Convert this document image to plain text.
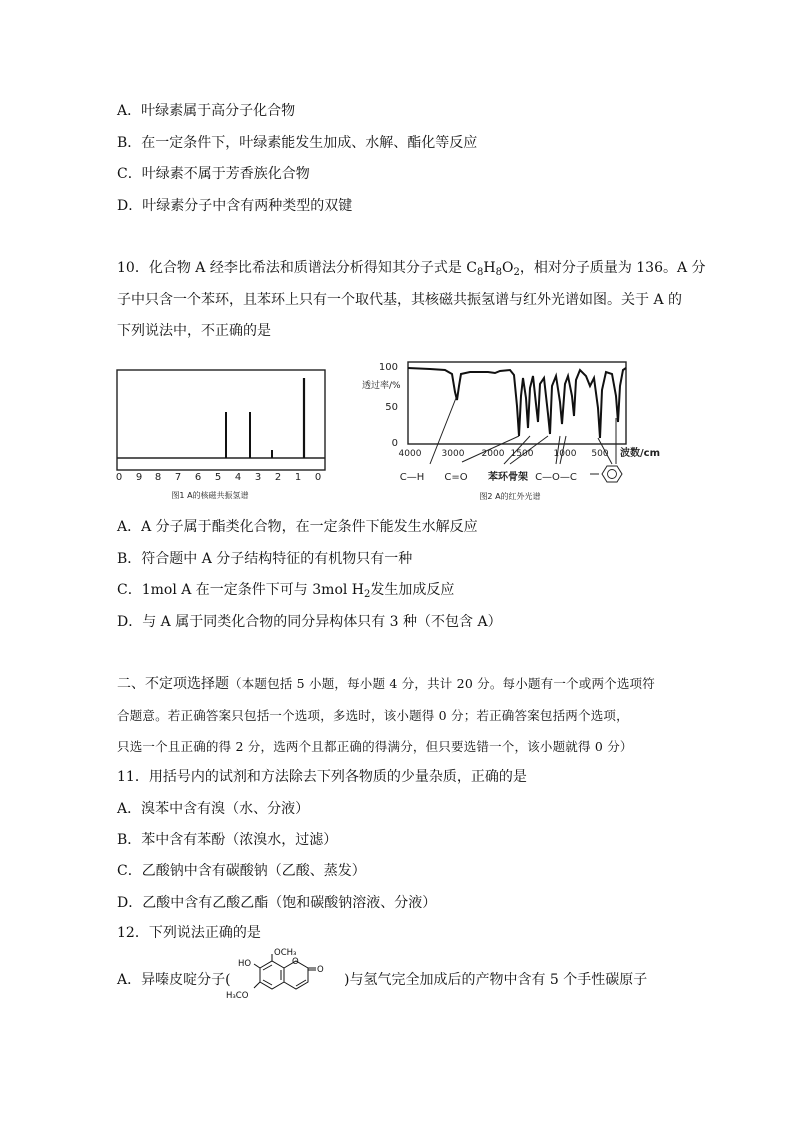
A．叶绿素属于高分子化合物
B．在一定条件下，叶绿素能发生加成、水解、酯化等反应
C．叶绿素不属于芳香族化合物
D．叶绿素分子中含有两种类型的双键
10．化合物 A 经李比希法和质谱法分析得知其分子式是 $C_8H_8O_2$，相对分子质量为 136。A 分
子中只含一个苯环，且苯环上只有一个取代基，其核磁共振氢谱与红外光谱如图。关于 A 的
下列说法中，不正确的是
0 9 8 7 6 5 4 3 2 1 0
图1 A的核磁共振氢谱
透过率/%
100
50
0
4000 3000 2000 1500 1000 500 波数/cm
C—H C=O 苯环骨架 C—O—C
图2 A的红外光谱
A．A 分子属于酯类化合物，在一定条件下能发生水解反应
B．符合题中 A 分子结构特征的有机物只有一种
C．1mol A 在一定条件下可与 3mol $H_2$发生加成反应
D．与 A 属于同类化合物的同分异构体只有 3 种（不包含 A）
二、不定项选择题（本题包括 5 小题，每小题 4 分，共计 20 分。每小题有一个或两个选项符
合题意。若正确答案只包括一个选项，多选时，该小题得 0 分；若正确答案包括两个选项，
只选一个且正确的得 2 分，选两个且都正确的得满分，但只要选错一个，该小题就得 0 分）
11．用括号内的试剂和方法除去下列各物质的少量杂质，正确的是
A．溴苯中含有溴（水、分液）
B．苯中含有苯酚（浓溴水，过滤）
C．乙酸钠中含有碳酸钠（乙酸、蒸发）
D．乙酸中含有乙酸乙酯（饱和碳酸钠溶液、分液）
12．下列说法正确的是
A．异嗪皮啶分子(
OCH₃
HO
H₃CO
O
O
)与氢气完全加成后的产物中含有 5 个手性碳原子
